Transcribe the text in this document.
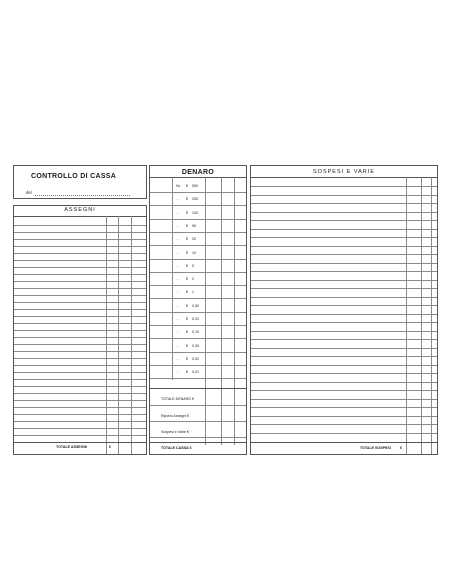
CONTROLLO DI CASSA
del
ASSEGNI
TOTALE ASSEGNI	€
DENARO
TOTALE DENARO €
Riporto Assegni €
Sospesi e Varie €
TOTALE CASSA €
Nr. € 500
- € 200
- € 100
- € 50
- € 20
- € 10
- € 5
- € 2
- € 1
- € 0,50
- € 0,20
- € 0,10
- € 0,05
- € 0,02
- € 0,01
SOSPESI E VARIE
TOTALE SOSPESI	€
